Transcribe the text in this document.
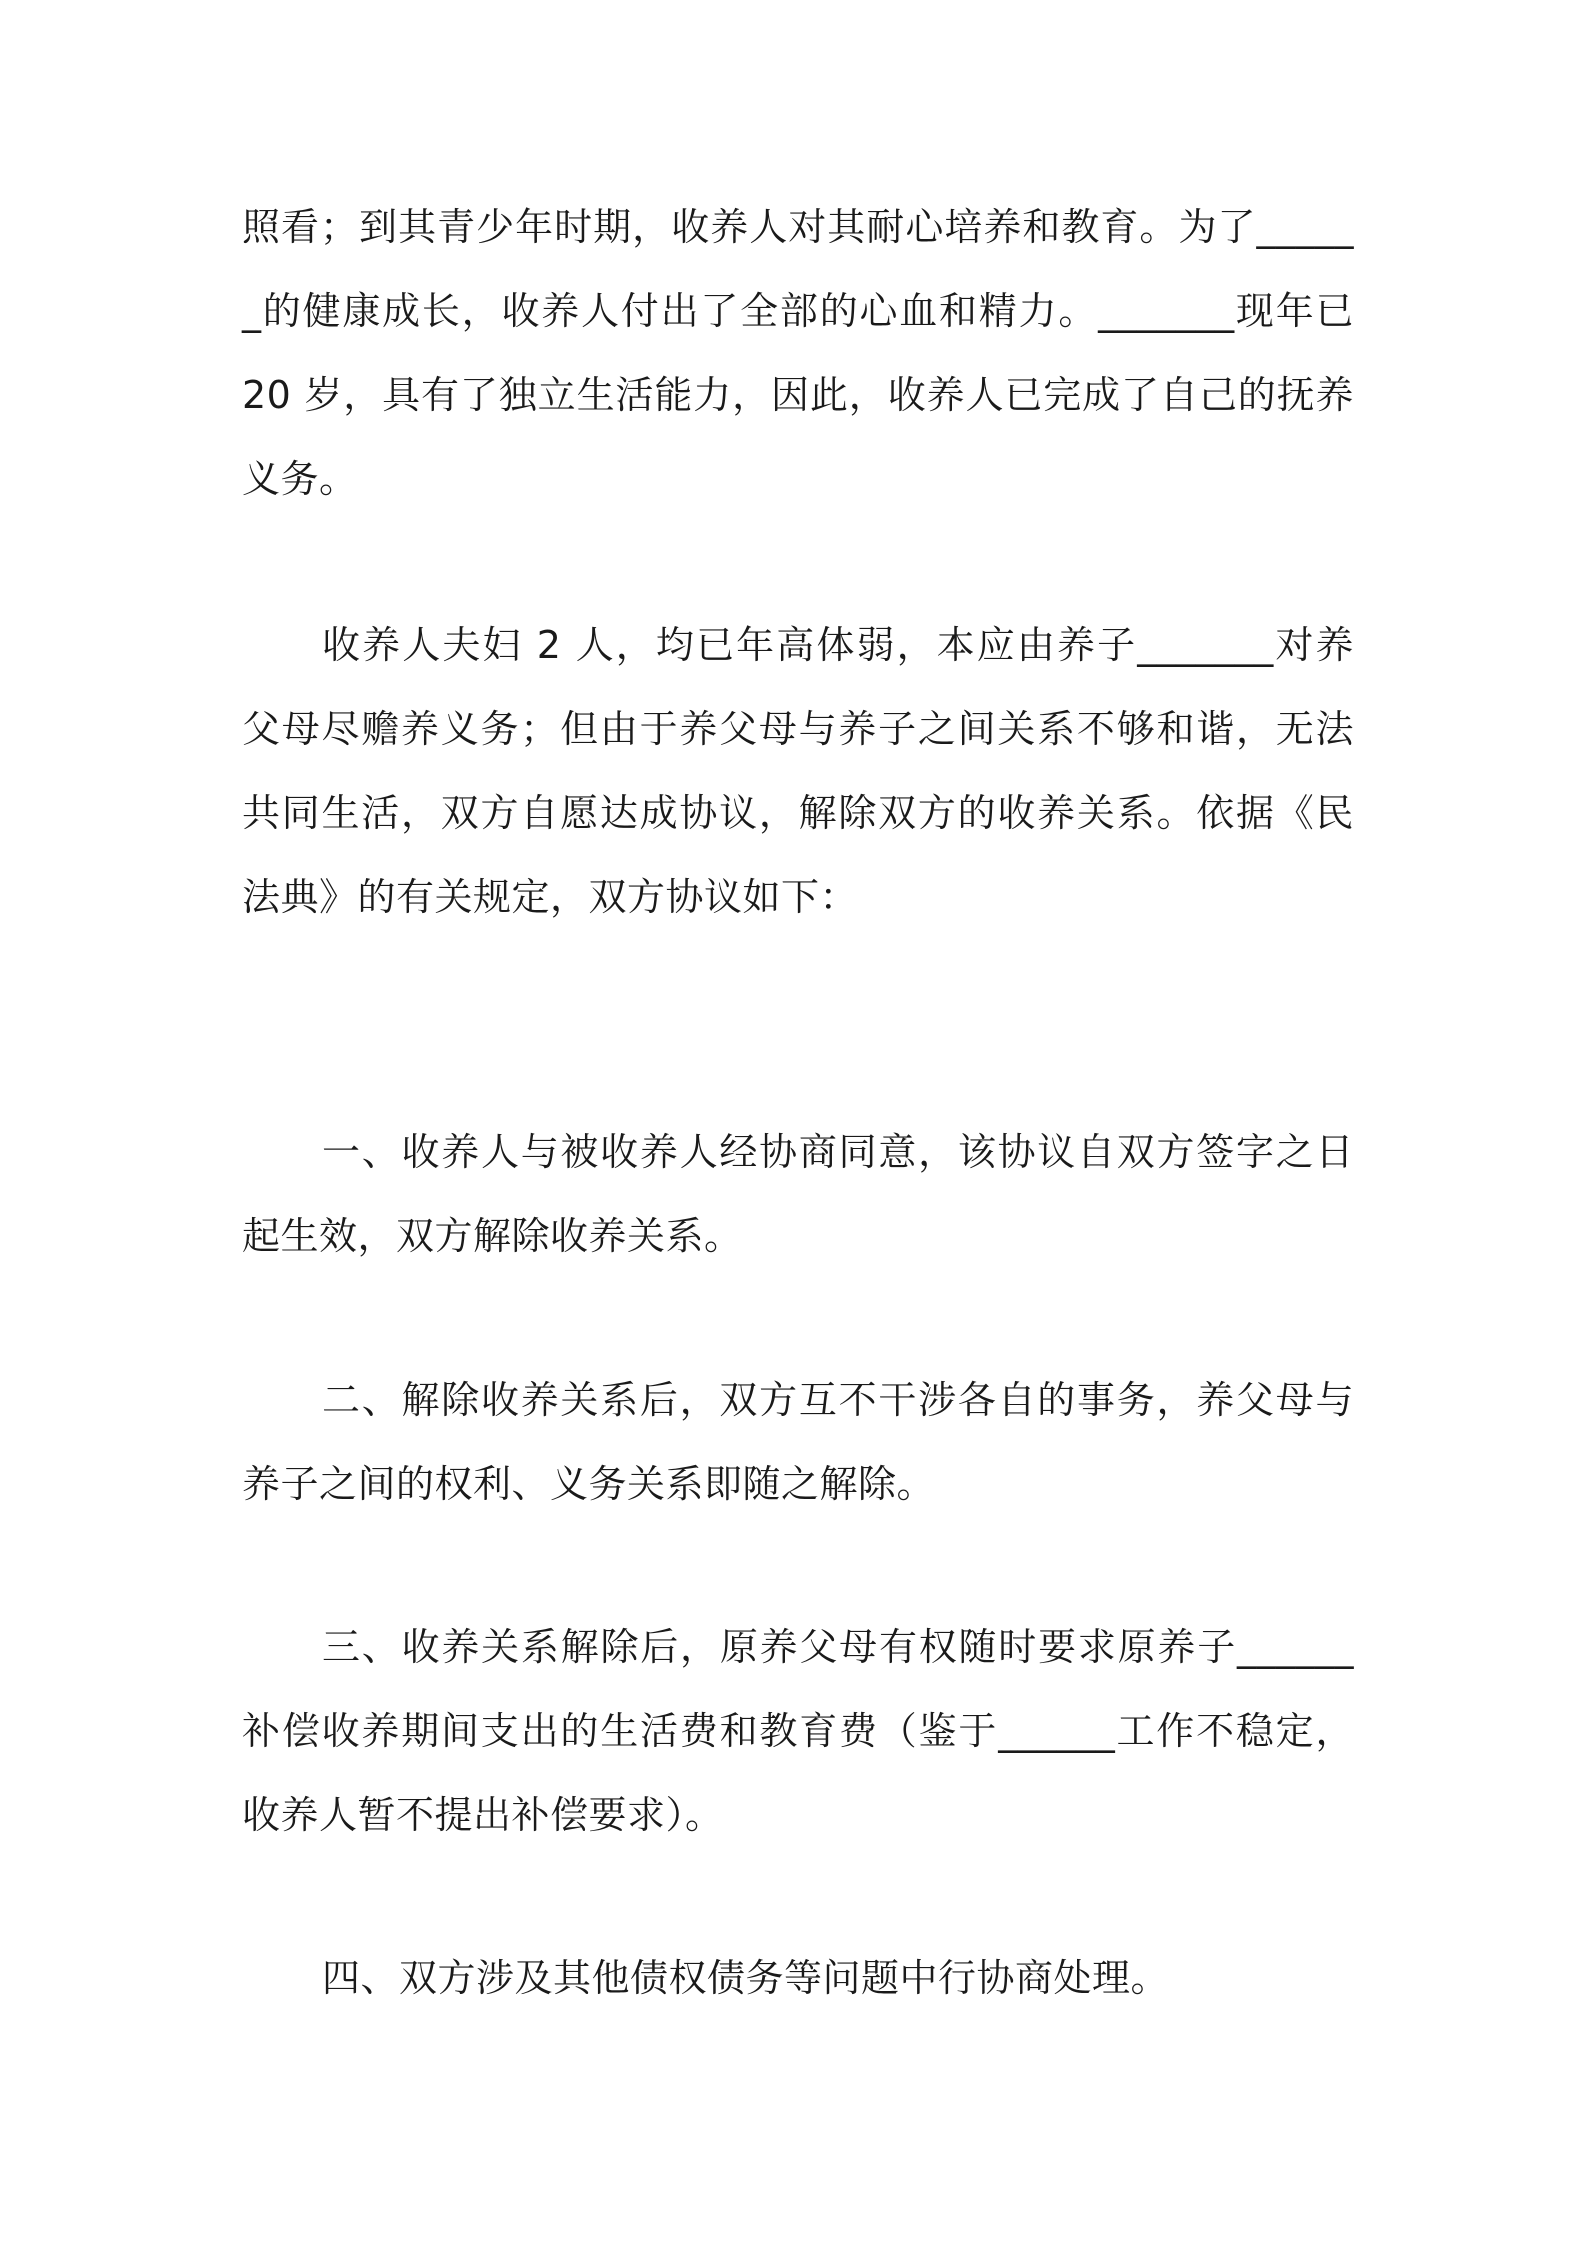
照看；到其青少年时期，收养人对其耐心培养和教育。为了______的健康成长，收养人付出了全部的心血和精力。_______现年已 20 岁，具有了独立生活能力，因此，收养人已完成了自己的抚养义务。

收养人夫妇 2 人，均已年高体弱，本应由养子_______对养父母尽赡养义务；但由于养父母与养子之间关系不够和谐，无法共同生活，双方自愿达成协议，解除双方的收养关系。依据《民法典》的有关规定，双方协议如下：

一、收养人与被收养人经协商同意，该协议自双方签字之日起生效，双方解除收养关系。

二、解除收养关系后，双方互不干涉各自的事务，养父母与养子之间的权利、义务关系即随之解除。

三、收养关系解除后，原养父母有权随时要求原养子______补偿收养期间支出的生活费和教育费（鉴于______工作不稳定，收养人暂不提出补偿要求）。

四、双方涉及其他债权债务等问题中行协商处理。
